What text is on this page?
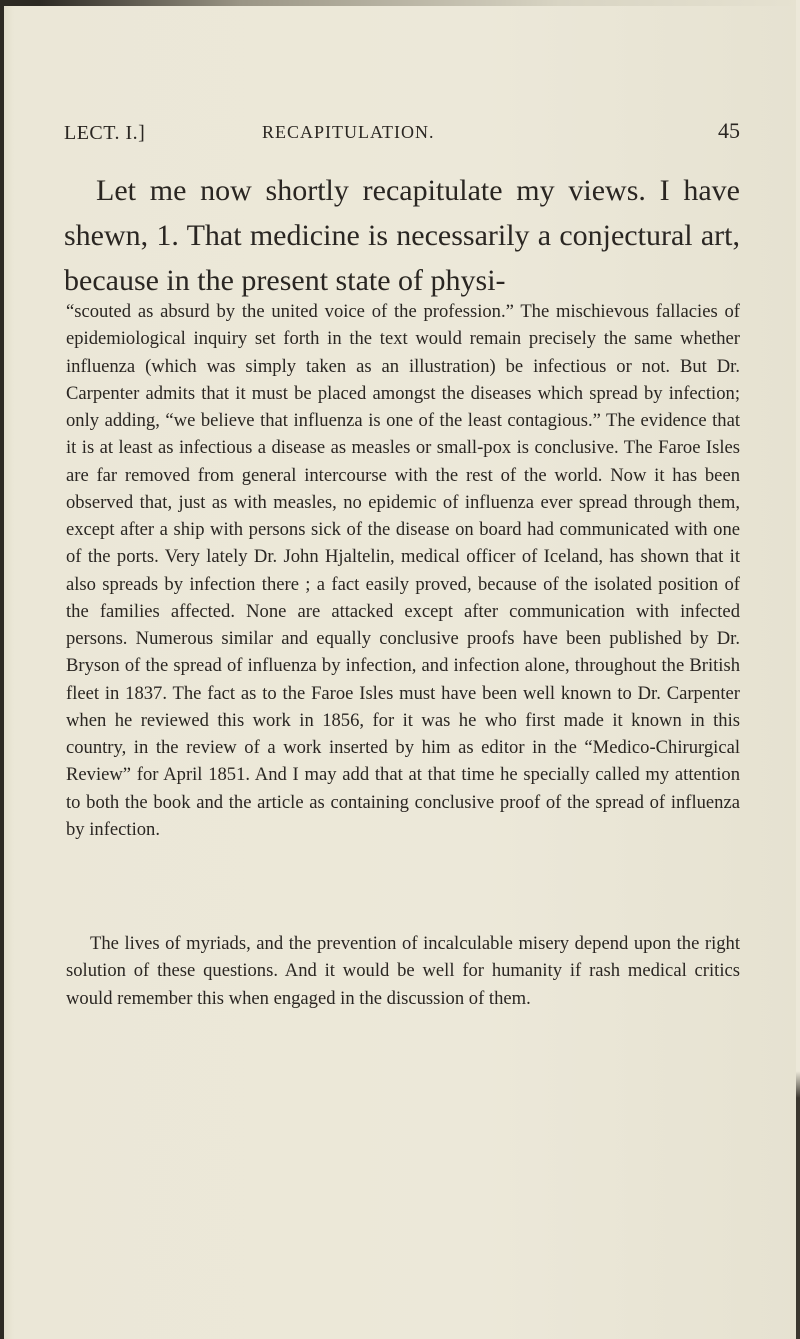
LECT. I.]	RECAPITULATION.	45

Let me now shortly recapitulate my views. I have shewn, 1. That medicine is necessarily a conjectural art, because in the present state of physi-

“scouted as absurd by the united voice of the profession.” The mischievous fallacies of epidemiological inquiry set forth in the text would remain precisely the same whether influenza (which was simply taken as an illustration) be infectious or not. But Dr. Carpenter admits that it must be placed amongst the diseases which spread by infection; only adding, “we believe that influenza is one of the least contagious.” The evidence that it is at least as infectious a disease as measles or small-pox is conclusive. The Faroe Isles are far removed from general intercourse with the rest of the world. Now it has been observed that, just as with measles, no epidemic of influenza ever spread through them, except after a ship with persons sick of the disease on board had communicated with one of the ports. Very lately Dr. John Hjaltelin, medical officer of Iceland, has shown that it also spreads by infection there ; a fact easily proved, because of the isolated position of the families affected. None are attacked except after communication with infected persons. Numerous similar and equally conclusive proofs have been published by Dr. Bryson of the spread of influenza by infection, and infection alone, throughout the British fleet in 1837. The fact as to the Faroe Isles must have been well known to Dr. Carpenter when he reviewed this work in 1856, for it was he who first made it known in this country, in the review of a work inserted by him as editor in the “Medico-Chirurgical Review” for April 1851. And I may add that at that time he specially called my attention to both the book and the article as containing conclusive proof of the spread of influenza by infection.

The lives of myriads, and the prevention of incalculable misery depend upon the right solution of these questions. And it would be well for humanity if rash medical critics would remember this when engaged in the discussion of them.
